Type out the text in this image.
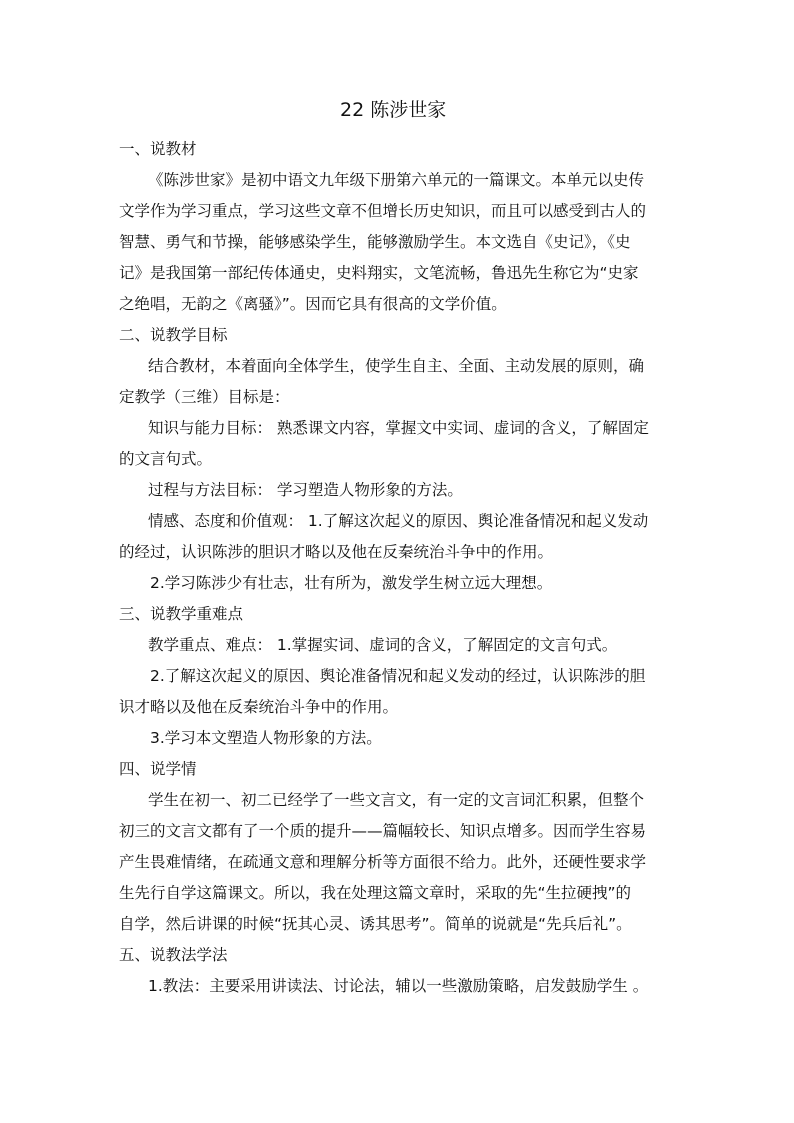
22 陈涉世家
一、说教材
《陈涉世家》是初中语文九年级下册第六单元的一篇课文。本单元以史传
文学作为学习重点，学习这些文章不但增长历史知识，而且可以感受到古人的
智慧、勇气和节操，能够感染学生，能够激励学生。本文选自《史记》，《史
记》是我国第一部纪传体通史，史料翔实，文笔流畅，鲁迅先生称它为“史家
之绝唱，无韵之《离骚》”。因而它具有很高的文学价值。
二、说教学目标
结合教材，本着面向全体学生，使学生自主、全面、主动发展的原则，确
定教学（三维）目标是：
知识与能力目标： 熟悉课文内容，掌握文中实词、虚词的含义，了解固定
的文言句式。
过程与方法目标： 学习塑造人物形象的方法。
情感、态度和价值观： 1.了解这次起义的原因、舆论准备情况和起义发动
的经过，认识陈涉的胆识才略以及他在反秦统治斗争中的作用。
2.学习陈涉少有壮志，壮有所为，激发学生树立远大理想。
三、说教学重难点
教学重点、难点： 1.掌握实词、虚词的含义，了解固定的文言句式。
2.了解这次起义的原因、舆论准备情况和起义发动的经过，认识陈涉的胆
识才略以及他在反秦统治斗争中的作用。
3.学习本文塑造人物形象的方法。
四、说学情
学生在初一、初二已经学了一些文言文，有一定的文言词汇积累，但整个
初三的文言文都有了一个质的提升——篇幅较长、知识点增多。因而学生容易
产生畏难情绪，在疏通文意和理解分析等方面很不给力。此外，还硬性要求学
生先行自学这篇课文。所以，我在处理这篇文章时，采取的先“生拉硬拽”的
自学，然后讲课的时候“抚其心灵、诱其思考”。简单的说就是“先兵后礼”。
五、说教法学法
1.教法：主要采用讲读法、讨论法，辅以一些激励策略，启发鼓励学生 。
